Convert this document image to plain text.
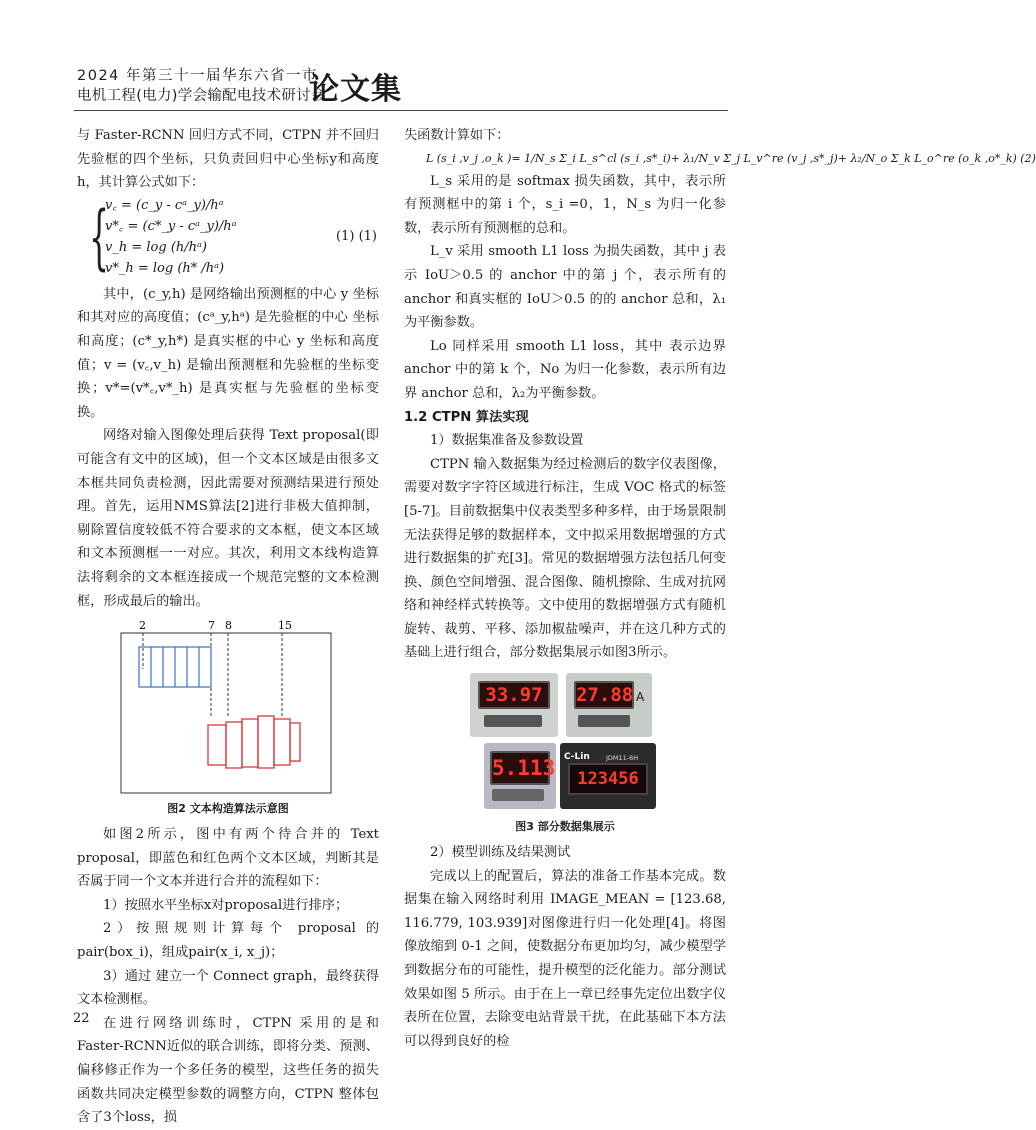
2024 年第三十一届华东六省一市
电机工程(电力)学会输配电技术研讨会
论文集

与 Faster-RCNN 回归方式不同，CTPN 并不回归先验框的四个坐标，只负责回归中心坐标y和高度h，其计算公式如下：

{
v꜀ = (c_y - cᵃ_y)/hᵃ
v*꜀ = (c*_y - cᵃ_y)/hᵃ
v_h = log (h/hᵃ)
v*_h = log (h* /hᵃ)
(1) (1)

其中，(c_y,h) 是网络输出预测框的中心 y 坐标和其对应的高度值；(cᵃ_y,hᵃ) 是先验框的中心 坐标和高度；(c*_y,h*) 是真实框的中心 y 坐标和高度值；v = (v꜀,v_h) 是输出预测框和先验框的坐标变换；v*=(v*꜀,v*_h) 是真实框与先验框的坐标变换。

网络对输入图像处理后获得 Text proposal(即可能含有文中的区域)，但一个文本区域是由很多文本框共同负责检测，因此需要对预测结果进行预处理。首先，运用NMS算法[2]进行非极大值抑制，剔除置信度较低不符合要求的文本框，使文本区域和文本预测框一一对应。其次，利用文本线构造算法将剩余的文本框连接成一个规范完整的文本检测框，形成最后的输出。

2	7 8	15
图2 文本构造算法示意图

如图2所示，图中有两个待合并的 Text proposal，即蓝色和红色两个文本区域，判断其是否属于同一个文本并进行合并的流程如下：

1）按照水平坐标x对proposal进行排序；

2）按照规则计算每个 proposal 的 pair(box_i)，组成pair(x_i, x_j)；

3）通过 建立一个 Connect graph，最终获得文本检测框。

在进行网络训练时，CTPN 采用的是和 Faster-RCNN近似的联合训练，即将分类、预测、偏移修正作为一个多任务的模型，这些任务的损失函数共同决定模型参数的调整方向，CTPN 整体包含了3个loss，损

失函数计算如下：

L (s_i ,v_j ,o_k )= 1/N_s Σ_i L_s^cl (s_i ,s*_i)+ λ₁/N_v Σ_j L_v^re (v_j ,s*_j)+ λ₂/N_o Σ_k L_o^re (o_k ,o*_k) (2)

L_s 采用的是 softmax 损失函数，其中，表示所有预测框中的第 i 个，s_i =0，1，N_s 为归一化参数，表示所有预测框的总和。

L_v 采用 smooth L1 loss 为损失函数，其中 j 表示 IoU＞0.5 的 anchor 中的第 j 个，表示所有的 anchor 和真实框的 IoU＞0.5 的的 anchor 总和，λ₁为平衡参数。

Lo 同样采用 smooth L1 loss，其中 表示边界 anchor 中的第 k 个，No 为归一化参数，表示所有边界 anchor 总和，λ₂为平衡参数。

1.2 CTPN 算法实现

1）数据集准备及参数设置

CTPN 输入数据集为经过检测后的数字仪表图像，需要对数字字符区域进行标注，生成 VOC 格式的标签[5-7]。目前数据集中仪表类型多种多样，由于场景限制无法获得足够的数据样本，文中拟采用数据增强的方式进行数据集的扩充[3]。常见的数据增强方法包括几何变换、颜色空间增强、混合图像、随机擦除、生成对抗网络和神经样式转换等。文中使用的数据增强方式有随机旋转、裁剪、平移、添加椒盐噪声，并在这几种方式的基础上进行组合，部分数据集展示如图3所示。

33.97	27.88 A
5.113 C-Lin JDM11-6H
123456
图3 部分数据集展示

2）模型训练及结果测试

完成以上的配置后，算法的准备工作基本完成。数据集在输入网络时利用 IMAGE_MEAN = [123.68, 116.779, 103.939]对图像进行归一化处理[4]。将图像放缩到 0-1 之间，使数据分布更加均匀，减少模型学到数据分布的可能性，提升模型的泛化能力。部分测试效果如图 5 所示。由于在上一章已经事先定位出数字仪表所在位置，去除变电站背景干扰，在此基础下本方法可以得到良好的检

22
